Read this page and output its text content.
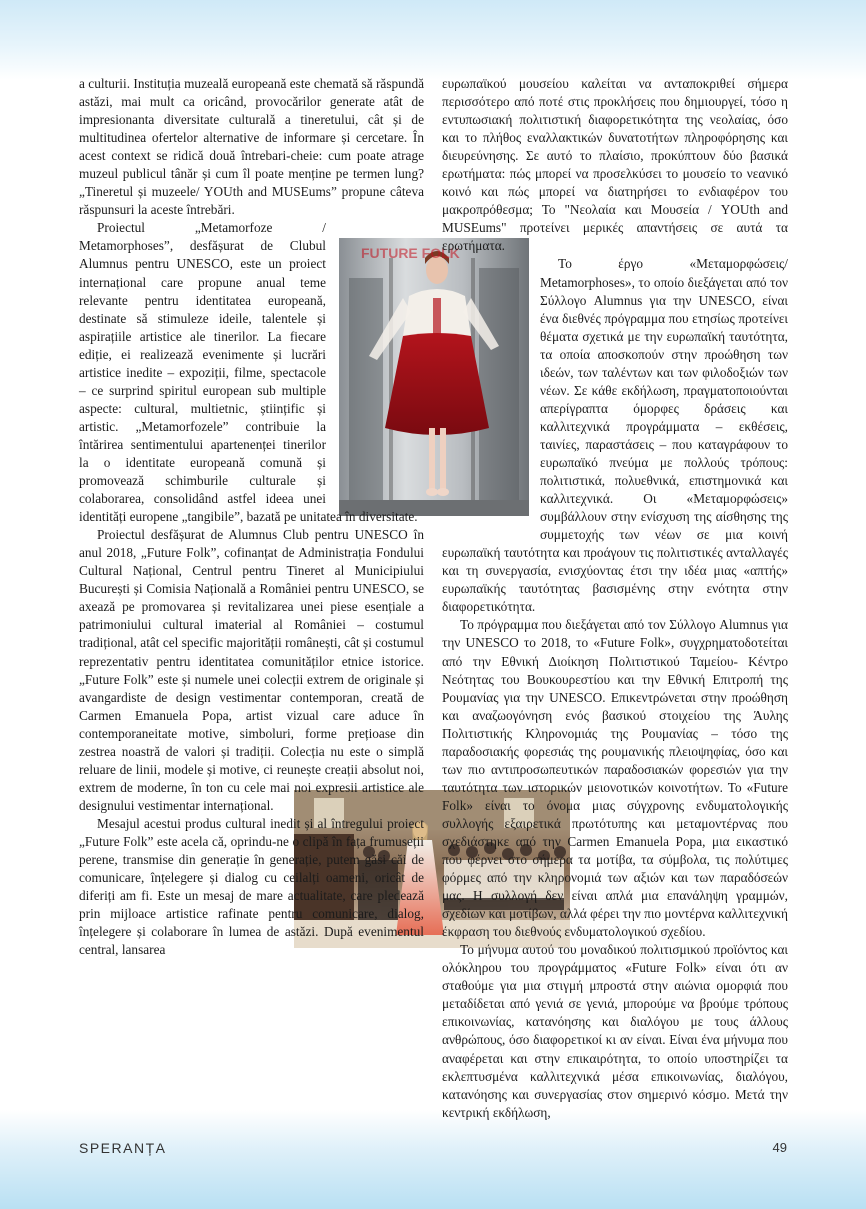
FUTURE FOLK

a culturii. Instituția muzeală europeană este chemată să răspundă astăzi, mai mult ca oricând, provocărilor generate atât de impresionanta diversitate culturală a tineretului, cât și de multitudinea ofertelor alternative de informare și cercetare. În acest context se ridică două întrebari-cheie: cum poate atrage muzeul publicul tânăr și cum îl poate menține pe termen lung? „Tineretul și muzeele/ YOUth and MUSEums” propune câteva răspunsuri la aceste întrebări.

Proiectul „Metamorfoze / Metamorphoses”, desfășurat de Clubul Alumnus pentru UNESCO, este un proiect internațional care propune anual teme relevante pentru identitatea europeană, destinate să stimuleze ideile, talentele și aspirațiile artistice ale tinerilor. La fiecare ediție, ei realizează evenimente și lucrări artistice inedite – expoziții, filme, spectacole – ce surprind spiritul european sub multiple aspecte: cultural, multietnic, științific și artistic. „Metamorfozele” contribuie la întărirea sentimentului apartenenței tinerilor la o identitate europeană comună și promovează schimburile culturale și colaborarea, consolidând astfel ideea unei identități europene „tangibile”, bazată pe unitatea în diversitate.

Proiectul desfășurat de Alumnus Club pentru UNESCO în anul 2018, „Future Folk”, cofinanțat de Administrația Fondului Cultural Național, Centrul pentru Tineret al Municipiului București și Comisia Națională a României pentru UNESCO, se axează pe promovarea și revitalizarea unei piese esențiale a patrimoniului cultural imaterial al României – costumul tradițional, atât cel specific majorității românești, cât și costumul reprezentativ pentru identitatea comunităților etnice istorice. „Future Folk” este și numele unei colecții extrem de originale și avangardiste de design vestimentar contemporan, creată de Carmen Emanuela Popa, artist vizual care aduce în contemporaneitate motive, simboluri, forme prețioase din zestrea noastră de valori și tradiții. Colecția nu este o simplă reluare de linii, modele și motive, ci reunește creații absolut noi, extrem de moderne, în ton cu cele mai noi expresii artistice ale designului vestimentar internațional.

Mesajul acestui produs cultural inedit și al întregului proiect „Future Folk” este acela că, oprindu-ne o clipă în fața frumuseții perene, transmise din generație în generație, putem găsi căi de comunicare, înțelegere și dialog cu ceilalți oameni, oricât de diferiți am fi. Este un mesaj de mare actualitate, care pledează prin mijloace artistice rafinate pentru comunicare, dialog, înțelegere și colaborare în lumea de astăzi. După evenimentul central, lansarea

ευρωπαϊκού μουσείου καλείται να ανταποκριθεί σήμερα περισσότερο από ποτέ στις προκλήσεις που δημιουργεί, τόσο η εντυπωσιακή πολιτιστική διαφορετικότητα της νεολαίας, όσο και το πλήθος εναλλακτικών δυνατοτήτων πληροφόρησης και διευρεύνησης. Σε αυτό το πλαίσιο, προκύπτουν δύο βασικά ερωτήματα: πώς μπορεί να προσελκύσει το μουσείο το νεανικό κοινό και πώς μπορεί να διατηρήσει το ενδιαφέρον του μακροπρόθεσμα; Το "Νεολαία και Μουσεία / YOUth and MUSEums" προτείνει μερικές απαντήσεις σε αυτά τα ερωτήματα.

Το έργο «Μεταμορφώσεις/ Metamorphoses», το οποίο διεξάγεται από τον Σύλλογο Alumnus για την UNESCO, είναι ένα διεθνές πρόγραμμα που ετησίως προτείνει θέματα σχετικά με την ευρωπαϊκή ταυτότητα, τα οποία αποσκοπούν στην προώθηση των ιδεών, των ταλέντων και των φιλοδοξιών των νέων. Σε κάθε εκδήλωση, πραγματοποιούνται απερίγραπτα όμορφες δράσεις και καλλιτεχνικά προγράμματα – εκθέσεις, ταινίες, παραστάσεις – που καταγράφουν το ευρωπαϊκό πνεύμα με πολλούς τρόπους: πολιτιστικά, πολυεθνικά, επιστημονικά και καλλιτεχνικά. Οι «Μεταμορφώσεις» συμβάλλουν στην ενίσχυση της αίσθησης της συμμετοχής των νέων σε μια κοινή ευρωπαϊκή ταυτότητα και προάγουν τις πολιτιστικές ανταλλαγές και τη συνεργασία, ενισχύοντας έτσι την ιδέα μιας «απτής» ευρωπαϊκής ταυτότητας βασισμένης στην ενότητα στην διαφορετικότητα.

Το πρόγραμμα που διεξάγεται από τον Σύλλογο Alumnus για την UNESCO το 2018, το «Future Folk», συγχρηματοδοτείται από την Εθνική Διοίκηση Πολιτιστικού Ταμείου- Κέντρο Νεότητας του Βουκουρεστίου και την Εθνική Επιτροπή της Ρουμανίας για την UNESCO. Επικεντρώνεται στην προώθηση και αναζωογόνηση ενός βασικού στοιχείου της Άυλης Πολιτιστικής Κληρονομιάς της Ρουμανίας – τόσο της παραδοσιακής φορεσιάς της ρουμανικής πλειοψηφίας, όσο και των πιο αντιπροσωπευτικών παραδοσιακών φορεσιών για την ταυτότητα των ιστορικών μειονοτικών κοινοτήτων. Το «Future Folk» είναι το όνομα μιας σύγχρονης ενδυματολογικής συλλογής εξαιρετικά πρωτότυπης και μεταμοντέρνας που σχεδιάστηκε από την Carmen Emanuela Popa, μια εικαστικό που φέρνει στο σήμερα τα μοτίβα, τα σύμβολα, τις πολύτιμες φόρμες από την κληρονομιά των αξιών και των παραδόσεών μας. Η συλλογή δεν είναι απλά μια επανάληψη γραμμών, σχεδίων και μοτίβων, αλλά φέρει την πιο μοντέρνα καλλιτεχνική έκφραση του διεθνούς ενδυματολογικού σχεδίου.

Το μήνυμα αυτού του μοναδικού πολιτισμικού προϊόντος και ολόκληρου του προγράμματος «Future Folk» είναι ότι αν σταθούμε για μια στιγμή μπροστά στην αιώνια ομορφιά που μεταδίδεται από γενιά σε γενιά, μπορούμε να βρούμε τρόπους επικοινωνίας, κατανόησης και διαλόγου με τους άλλους ανθρώπους, όσο διαφορετικοί κι αν είναι. Είναι ένα μήνυμα που αναφέρεται και στην επικαιρότητα, το οποίο υποστηρίζει τα εκλεπτυσμένα καλλιτεχνικά μέσα επικοινωνίας, διαλόγου, κατανόησης και συνεργασίας στον σημερινό κόσμο. Μετά την κεντρική εκδήλωση,

SPERANȚA	49
